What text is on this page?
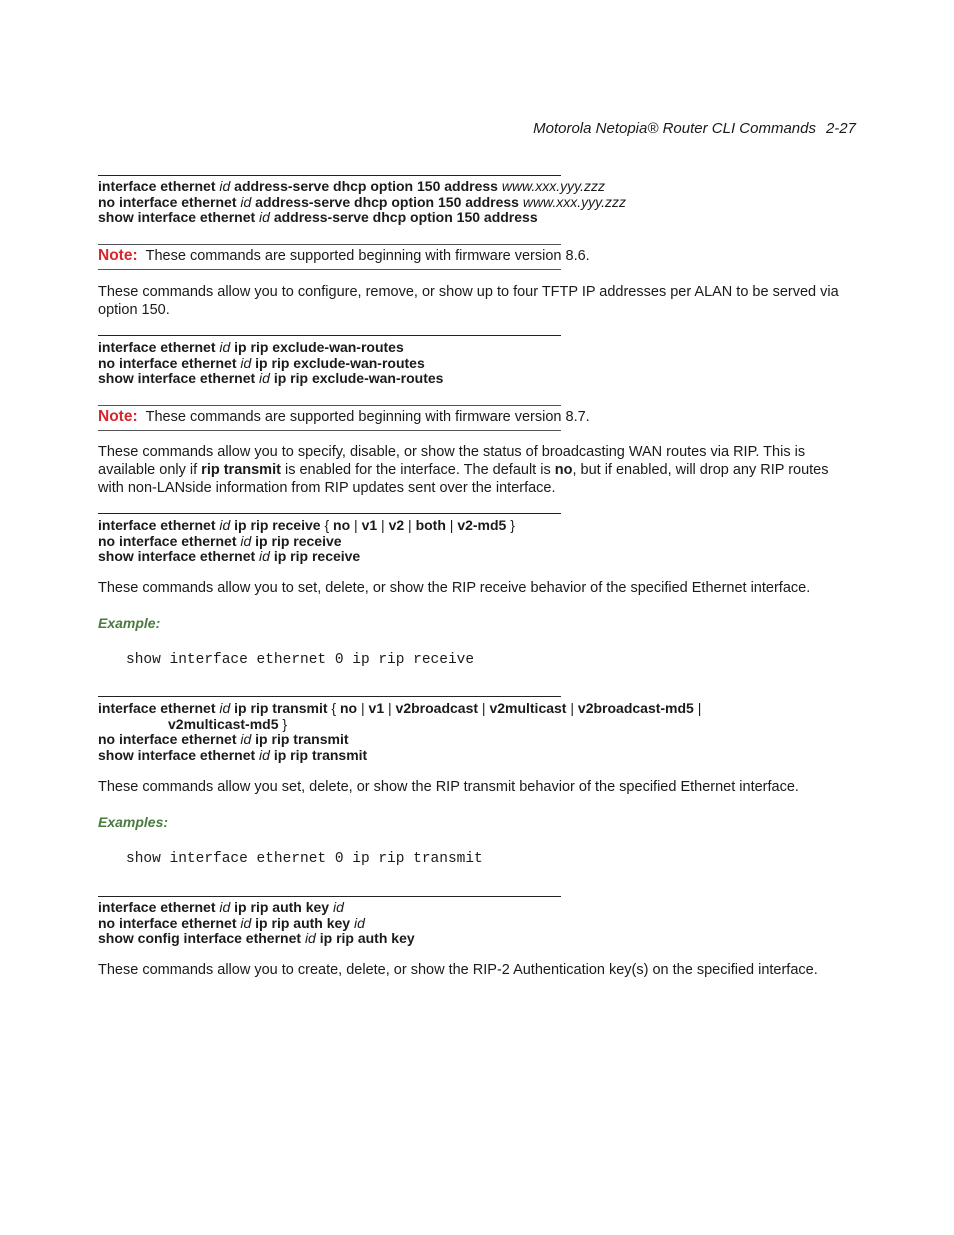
Motorola Netopia® Router CLI Commands 2-27
interface ethernet id address-serve dhcp option 150 address www.xxx.yyy.zzz
no interface ethernet id address-serve dhcp option 150 address www.xxx.yyy.zzz
show interface ethernet id address-serve dhcp option 150 address
Note: These commands are supported beginning with firmware version 8.6.
These commands allow you to configure, remove, or show up to four TFTP IP addresses per ALAN to be served via option 150.
interface ethernet id ip rip exclude-wan-routes
no interface ethernet id ip rip exclude-wan-routes
show interface ethernet id ip rip exclude-wan-routes
Note: These commands are supported beginning with firmware version 8.7.
These commands allow you to specify, disable, or show the status of broadcasting WAN routes via RIP. This is available only if rip transmit is enabled for the interface. The default is no, but if enabled, will drop any RIP routes with non-LANside information from RIP updates sent over the interface.
interface ethernet id ip rip receive { no | v1 | v2 | both | v2-md5 }
no interface ethernet id ip rip receive
show interface ethernet id ip rip receive
These commands allow you to set, delete, or show the RIP receive behavior of the specified Ethernet interface.
Example:
show interface ethernet 0 ip rip receive
interface ethernet id ip rip transmit { no | v1 | v2broadcast | v2multicast | v2broadcast-md5 |
v2multicast-md5 }
no interface ethernet id ip rip transmit
show interface ethernet id ip rip transmit
These commands allow you set, delete, or show the RIP transmit behavior of the specified Ethernet interface.
Examples:
show interface ethernet 0 ip rip transmit
interface ethernet id ip rip auth key id
no interface ethernet id ip rip auth key id
show config interface ethernet id ip rip auth key
These commands allow you to create, delete, or show the RIP-2 Authentication key(s) on the specified interface.
